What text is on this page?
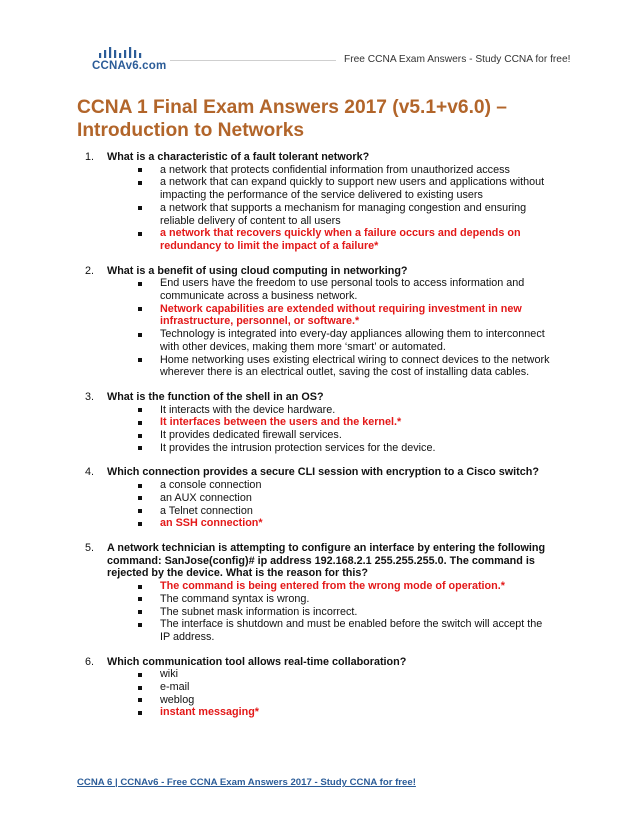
CCNAv6.com
Free CCNA Exam Answers - Study CCNA for free!
CCNA 1 Final Exam Answers 2017 (v5.1+v6.0) – Introduction to Networks
1. What is a characteristic of a fault tolerant network?
a network that protects confidential information from unauthorized access
a network that can expand quickly to support new users and applications without impacting the performance of the service delivered to existing users
a network that supports a mechanism for managing congestion and ensuring reliable delivery of content to all users
a network that recovers quickly when a failure occurs and depends on redundancy to limit the impact of a failure*
2. What is a benefit of using cloud computing in networking?
End users have the freedom to use personal tools to access information and communicate across a business network.
Network capabilities are extended without requiring investment in new infrastructure, personnel, or software.*
Technology is integrated into every-day appliances allowing them to interconnect with other devices, making them more ‘smart’ or automated.
Home networking uses existing electrical wiring to connect devices to the network wherever there is an electrical outlet, saving the cost of installing data cables.
3. What is the function of the shell in an OS?
It interacts with the device hardware.
It interfaces between the users and the kernel.*
It provides dedicated firewall services.
It provides the intrusion protection services for the device.
4. Which connection provides a secure CLI session with encryption to a Cisco switch?
a console connection
an AUX connection
a Telnet connection
an SSH connection*
5. A network technician is attempting to configure an interface by entering the following command: SanJose(config)# ip address 192.168.2.1 255.255.255.0. The command is rejected by the device. What is the reason for this?
The command is being entered from the wrong mode of operation.*
The command syntax is wrong.
The subnet mask information is incorrect.
The interface is shutdown and must be enabled before the switch will accept the IP address.
6. Which communication tool allows real-time collaboration?
wiki
e-mail
weblog
instant messaging*
CCNA 6 | CCNAv6 - Free CCNA Exam Answers 2017 - Study CCNA for free!
